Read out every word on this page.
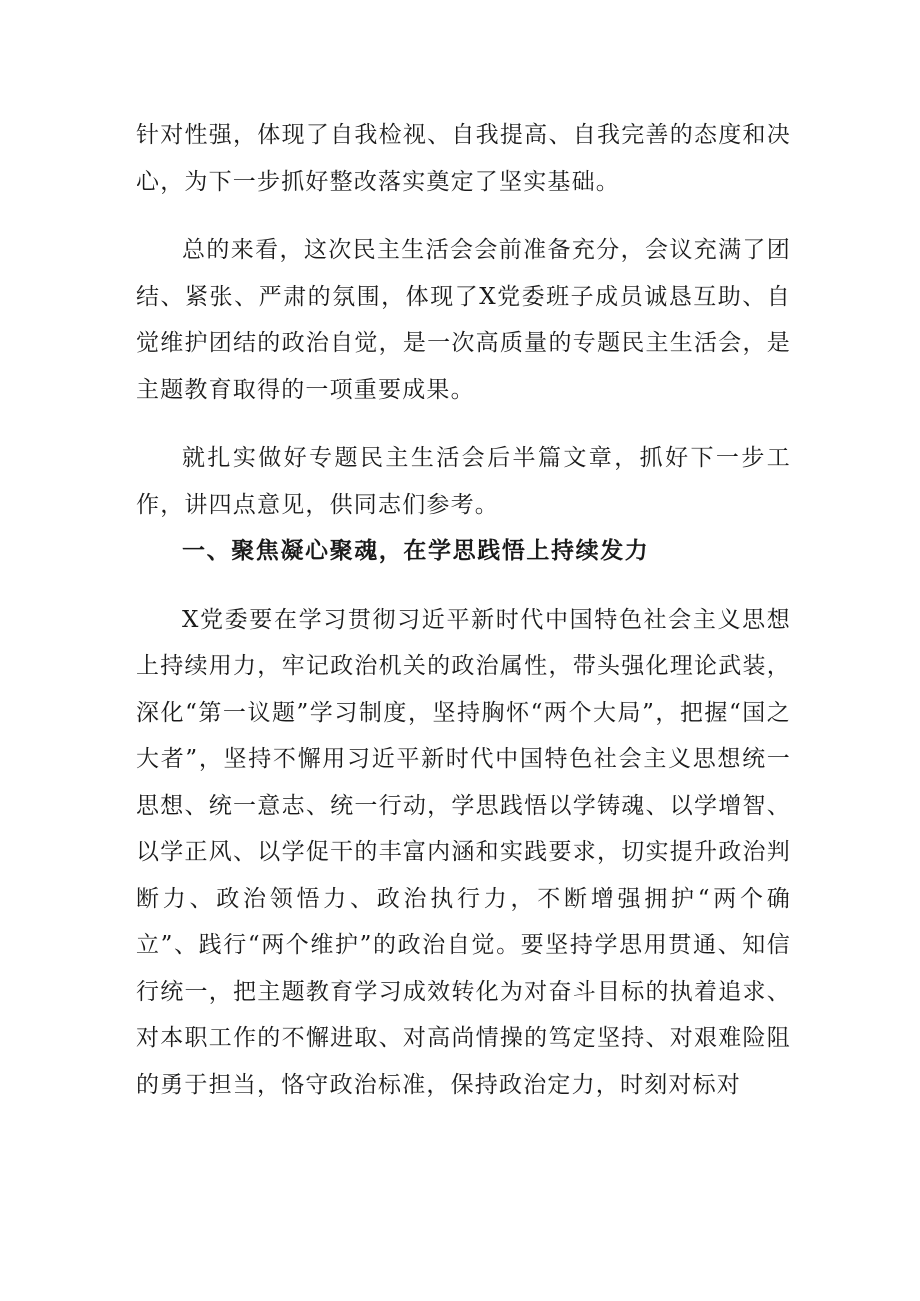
针对性强，体现了自我检视、自我提高、自我完善的态度和决心，为下一步抓好整改落实奠定了坚实基础。

总的来看，这次民主生活会会前准备充分，会议充满了团结、紧张、严肃的氛围，体现了X党委班子成员诚恳互助、自觉维护团结的政治自觉，是一次高质量的专题民主生活会，是主题教育取得的一项重要成果。

就扎实做好专题民主生活会后半篇文章，抓好下一步工作，讲四点意见，供同志们参考。

一、聚焦凝心聚魂，在学思践悟上持续发力

X党委要在学习贯彻习近平新时代中国特色社会主义思想上持续用力，牢记政治机关的政治属性，带头强化理论武装，深化“第一议题”学习制度，坚持胸怀“两个大局”，把握“国之大者”，坚持不懈用习近平新时代中国特色社会主义思想统一思想、统一意志、统一行动，学思践悟以学铸魂、以学增智、以学正风、以学促干的丰富内涵和实践要求，切实提升政治判断力、政治领悟力、政治执行力，不断增强拥护“两个确立”、践行“两个维护”的政治自觉。要坚持学思用贯通、知信行统一，把主题教育学习成效转化为对奋斗目标的执着追求、对本职工作的不懈进取、对高尚情操的笃定坚持、对艰难险阻的勇于担当，恪守政治标准，保持政治定力，时刻对标对
